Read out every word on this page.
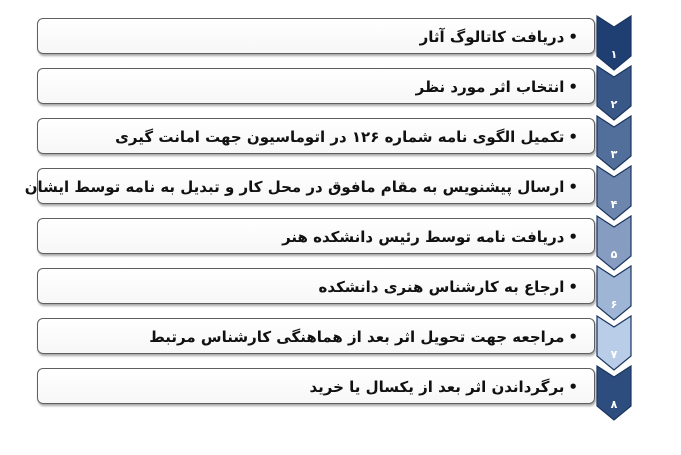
•دریافت کاتالوگ آثار
۱
•انتخاب اثر مورد نظر
۲
•تکمیل الگوی نامه شماره ۱۲۶ در اتوماسیون جهت امانت گیری
۳
•ارسال پیشنویس به مقام مافوق در محل کار و تبدیل به نامه توسط ایشان
۴
•دریافت نامه توسط رئیس دانشکده هنر
۵
•ارجاع به کارشناس هنری دانشکده
۶
•مراجعه جهت تحویل اثر بعد از هماهنگی کارشناس مرتبط
۷
•برگرداندن اثر بعد از یکسال یا خرید
۸
